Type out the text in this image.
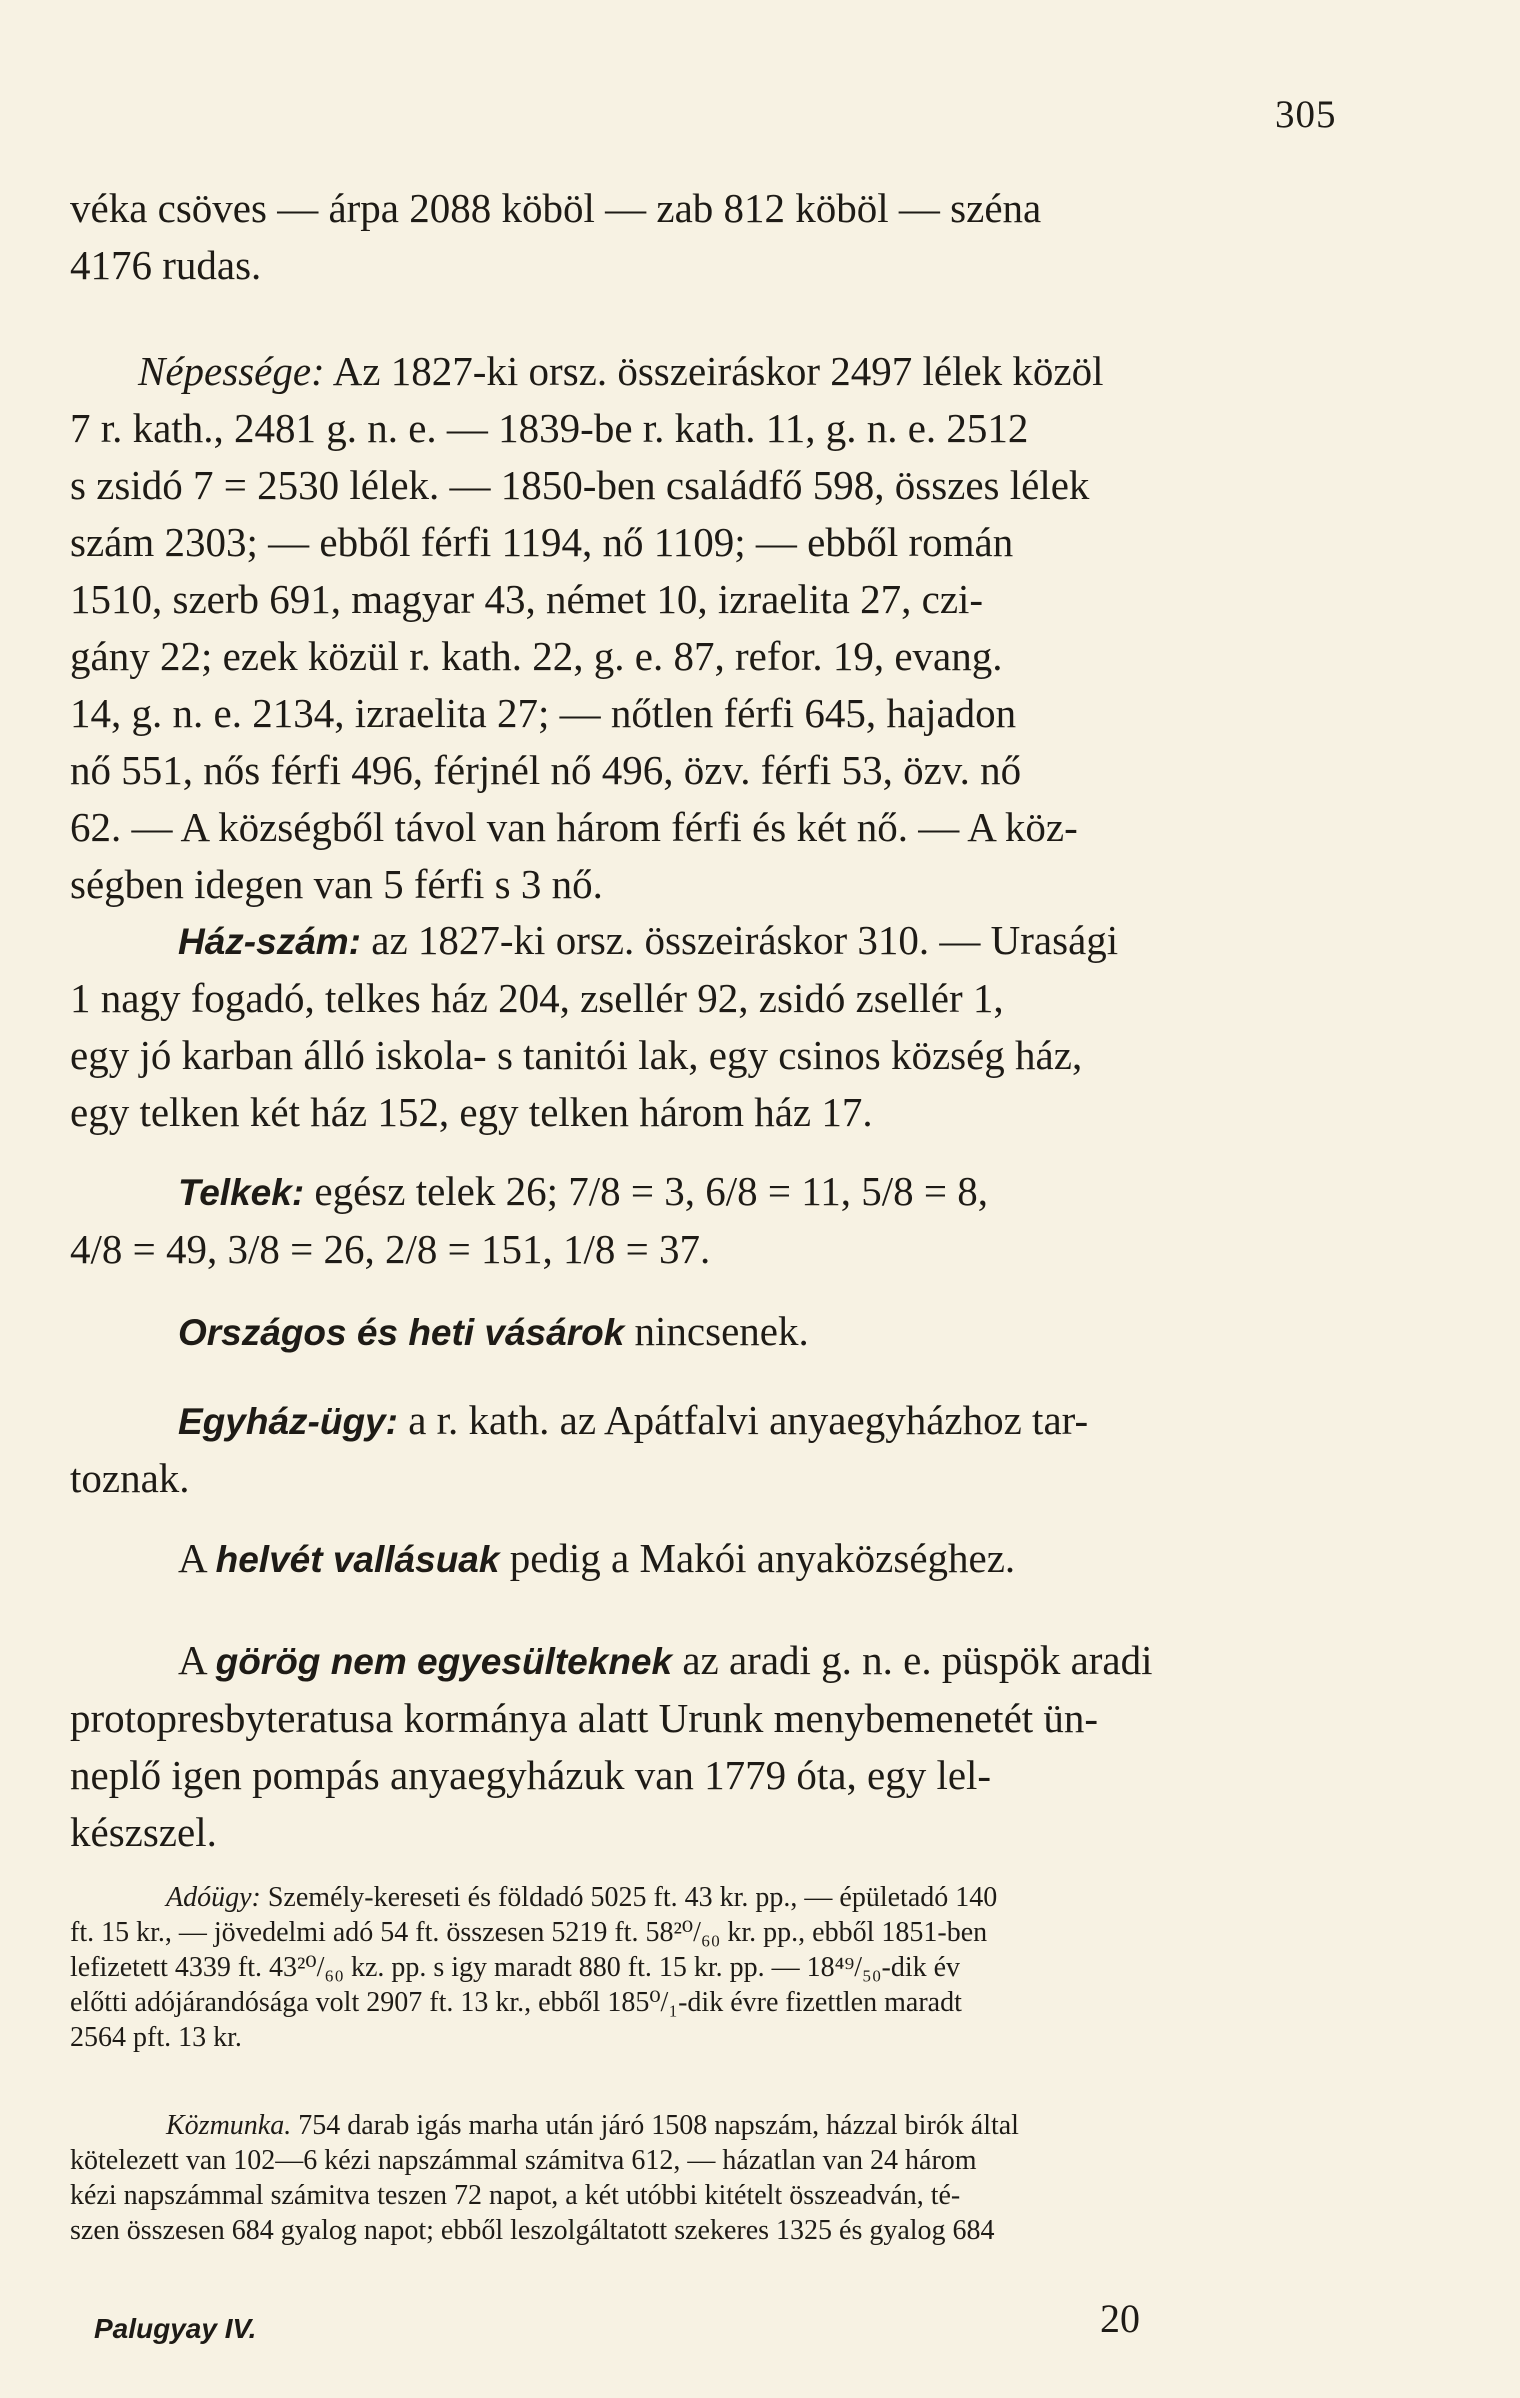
305
véka csöves — árpa 2088 köböl — zab 812 köböl — széna
4176 rudas.
Népessége: Az 1827-ki orsz. összeiráskor 2497 lélek közöl
7 r. kath., 2481 g. n. e. — 1839-be r. kath. 11, g. n. e. 2512
s zsidó 7 = 2530 lélek. — 1850-ben családfő 598, összes lélek
szám 2303; — ebből férfi 1194, nő 1109; — ebből román
1510, szerb 691, magyar 43, német 10, izraelita 27, czi-
gány 22; ezek közül r. kath. 22, g. e. 87, refor. 19, evang.
14, g. n. e. 2134, izraelita 27; — nőtlen férfi 645, hajadon
nő 551, nős férfi 496, férjnél nő 496, özv. férfi 53, özv. nő
62. — A községből távol van három férfi és két nő. — A köz-
ségben idegen van 5 férfi s 3 nő.
Ház-szám: az 1827-ki orsz. összeiráskor 310. — Urasági
1 nagy fogadó, telkes ház 204, zsellér 92, zsidó zsellér 1,
egy jó karban álló iskola- s tanitói lak, egy csinos község ház,
egy telken két ház 152, egy telken három ház 17.
Telkek: egész telek 26; 7/8 = 3, 6/8 = 11, 5/8 = 8,
4/8 = 49, 3/8 = 26, 2/8 = 151, 1/8 = 37.
Országos és heti vásárok nincsenek.
Egyház-ügy: a r. kath. az Apátfalvi anyaegyházhoz tar-
toznak.
A helvét vallásuak pedig a Makói anyaközséghez.
A görög nem egyesülteknek az aradi g. n. e. püspök aradi
protopresbyteratusa kormánya alatt Urunk menybemenetét ün-
neplő igen pompás anyaegyházuk van 1779 óta, egy lel-
készszel.
Adóügy: Személy-kereseti és földadó 5025 ft. 43 kr. pp., — épületadó 140
ft. 15 kr., — jövedelmi adó 54 ft. összesen 5219 ft. 58²⁰/₆₀ kr. pp., ebből 1851-ben
lefizetett 4339 ft. 43²⁰/₆₀ kz. pp. s igy maradt 880 ft. 15 kr. pp. — 18⁴⁹/₅₀-dik év
előtti adójárandósága volt 2907 ft. 13 kr., ebből 185⁰/₁-dik évre fizettlen maradt
2564 pft. 13 kr.
Közmunka. 754 darab igás marha után járó 1508 napszám, házzal birók által
kötelezett van 102—6 kézi napszámmal számitva 612, — házatlan van 24 három
kézi napszámmal számitva teszen 72 napot, a két utóbbi kitételt összeadván, té-
szen összesen 684 gyalog napot; ebből leszolgáltatott szekeres 1325 és gyalog 684
Palugyay IV.	20
